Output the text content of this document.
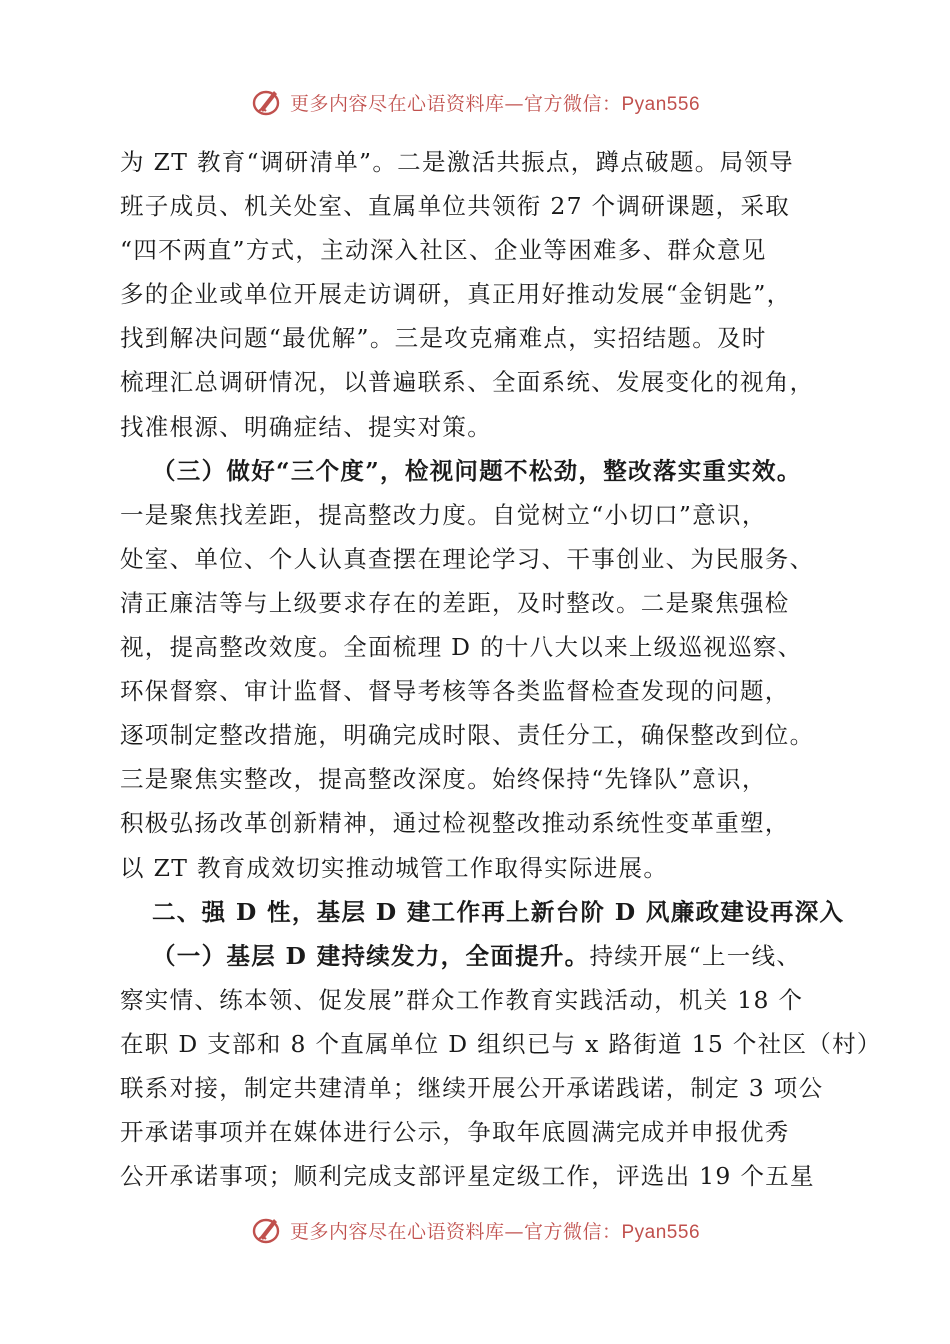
更多内容尽在心语资料库—官方微信：Pyan556
为 ZT 教育“调研清单”。二是激活共振点，蹲点破题。局领导
班子成员、机关处室、直属单位共领衔 27 个调研课题，采取
“四不两直”方式，主动深入社区、企业等困难多、群众意见
多的企业或单位开展走访调研，真正用好推动发展“金钥匙”，
找到解决问题“最优解”。三是攻克痛难点，实招结题。及时
梳理汇总调研情况，以普遍联系、全面系统、发展变化的视角，
找准根源、明确症结、提实对策。
（三）做好“三个度”，检视问题不松劲，整改落实重实效。
一是聚焦找差距，提高整改力度。自觉树立“小切口”意识，
处室、单位、个人认真查摆在理论学习、干事创业、为民服务、
清正廉洁等与上级要求存在的差距，及时整改。二是聚焦强检
视，提高整改效度。全面梳理 D 的十八大以来上级巡视巡察、
环保督察、审计监督、督导考核等各类监督检查发现的问题，
逐项制定整改措施，明确完成时限、责任分工，确保整改到位。
三是聚焦实整改，提高整改深度。始终保持“先锋队”意识，
积极弘扬改革创新精神，通过检视整改推动系统性变革重塑，
以 ZT 教育成效切实推动城管工作取得实际进展。
二、强 D 性，基层 D 建工作再上新台阶 D 风廉政建设再深入
（一）基层 D 建持续发力，全面提升。持续开展“上一线、
察实情、练本领、促发展”群众工作教育实践活动，机关 18 个
在职 D 支部和 8 个直属单位 D 组织已与 x 路街道 15 个社区（村）
联系对接，制定共建清单；继续开展公开承诺践诺，制定 3 项公
开承诺事项并在媒体进行公示，争取年底圆满完成并申报优秀
公开承诺事项；顺利完成支部评星定级工作，评选出 19 个五星
更多内容尽在心语资料库—官方微信：Pyan556
